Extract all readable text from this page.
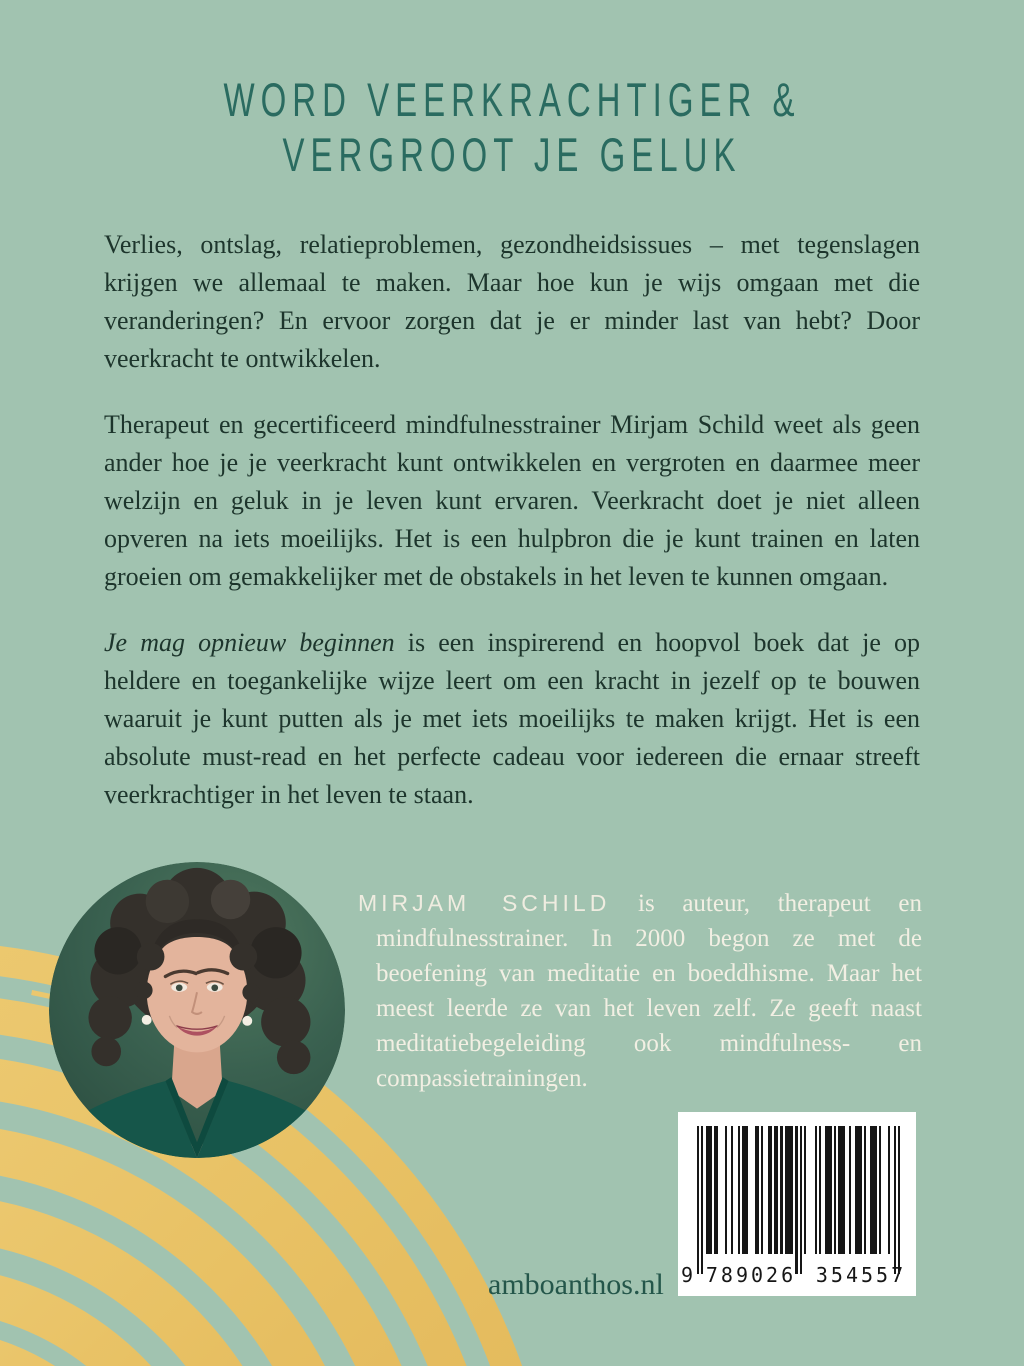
WORD VEERKRACHTIGER &
VERGROOT JE GELUK

Verlies, ontslag, relatieproblemen, gezondheidsissues – met tegenslagen krijgen we allemaal te maken. Maar hoe kun je wijs omgaan met die veranderingen? En ervoor zorgen dat je er minder last van hebt? Door veerkracht te ontwikkelen.

Therapeut en gecertificeerd mindfulnesstrainer Mirjam Schild weet als geen ander hoe je je veerkracht kunt ontwikkelen en vergroten en daarmee meer welzijn en geluk in je leven kunt ervaren. Veerkracht doet je niet alleen opveren na iets moeilijks. Het is een hulpbron die je kunt trainen en laten groeien om gemakkelijker met de obstakels in het leven te kunnen omgaan.

Je mag opnieuw beginnen is een inspirerend en hoopvol boek dat je op heldere en toegankelijke wijze leert om een kracht in jezelf op te bouwen waaruit je kunt putten als je met iets moeilijks te maken krijgt. Het is een absolute must-read en het perfecte cadeau voor iedereen die ernaar streeft veerkrachtiger in het leven te staan.

MIRJAM SCHILD is auteur, therapeut en mindfulnesstrainer. In 2000 begon ze met de beoefening van meditatie en boeddhisme. Maar het meest leerde ze van het leven zelf. Ze geeft naast meditatiebegeleiding ook mindfulness- en compassietrainingen.
9 789026 354557
amboanthos.nl
